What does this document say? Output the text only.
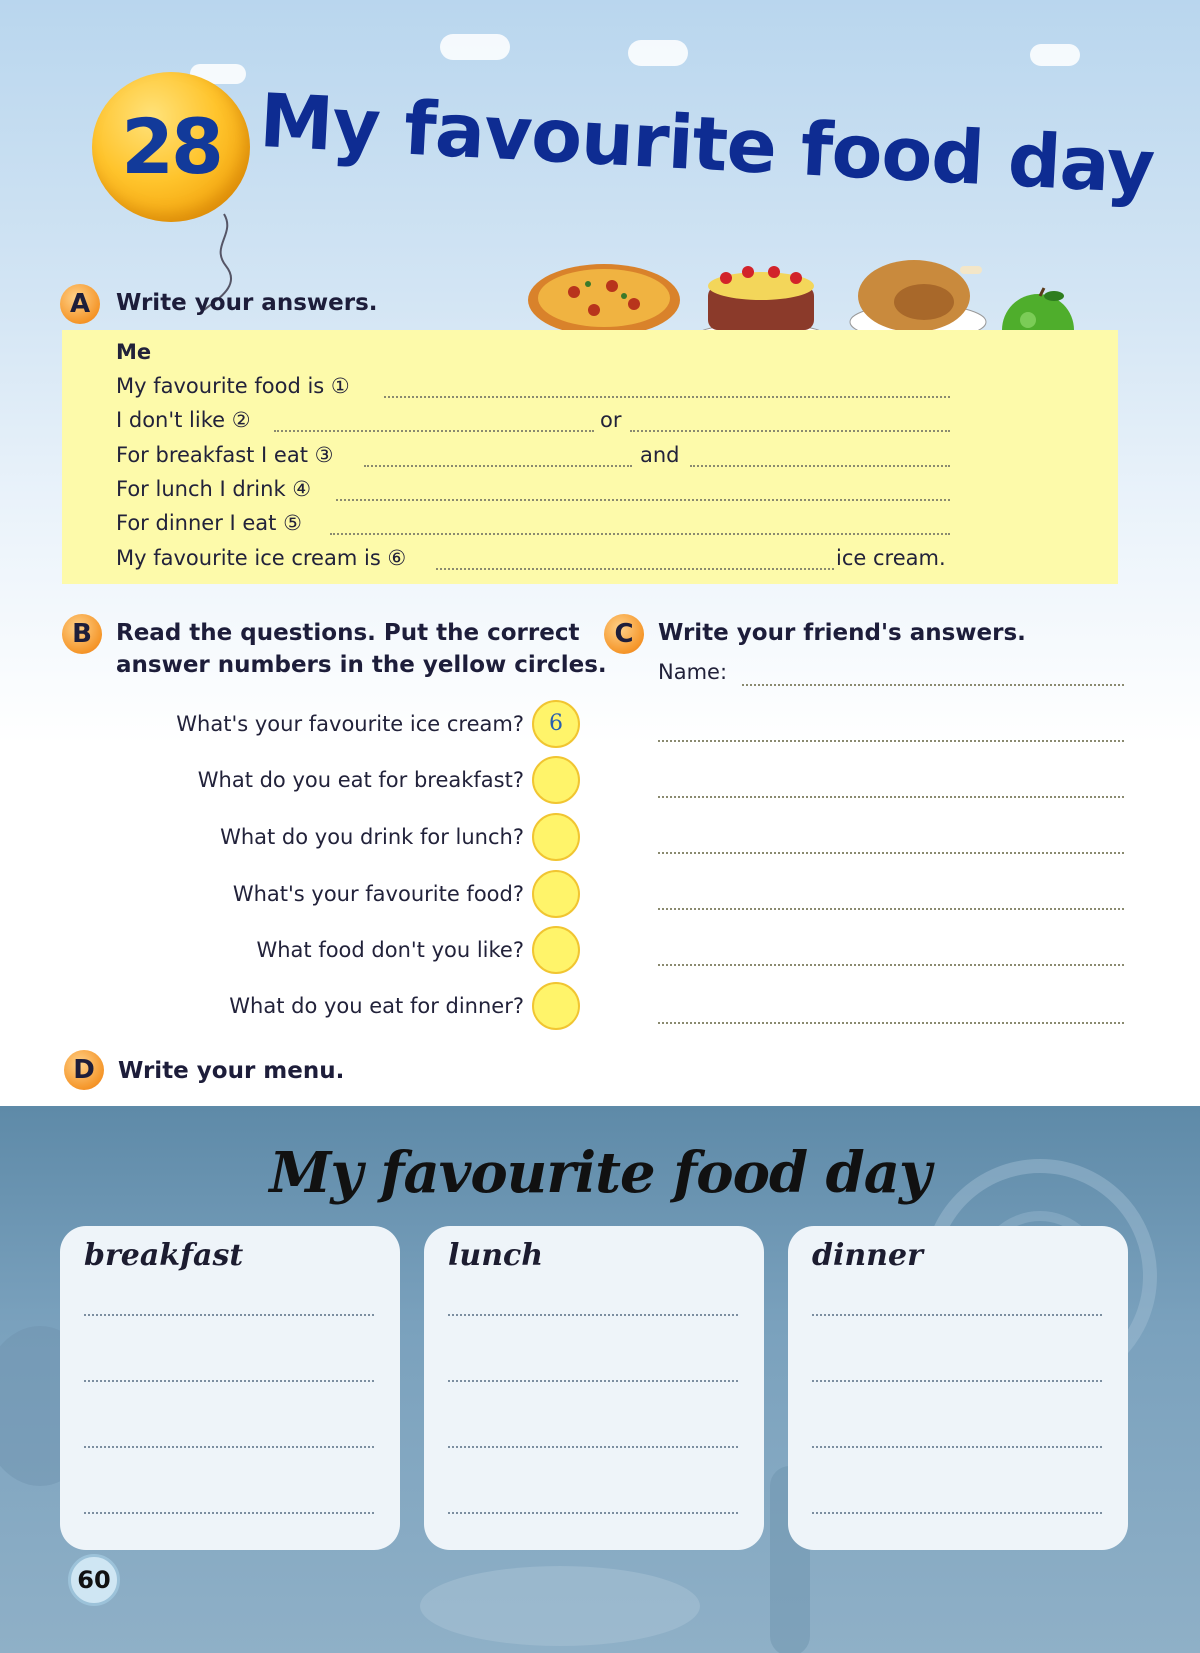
28 My favourite food day
A	Write your answers.
Me
My favourite food is ①
I don't like ②	or
For breakfast I eat ③	and
For lunch I drink ④
For dinner I eat ⑤
My favourite ice cream is ⑥	ice cream.
B	Read the questions. Put the correct
answer numbers in the yellow circles.
What's your favourite ice cream?	6
What do you eat for breakfast?
What do you drink for lunch?
What's your favourite food?
What food don't you like?
What do you eat for dinner?
C	Write your friend's answers.
Name:
D	Write your menu.
My favourite food day
breakfast	lunch	dinner
60
